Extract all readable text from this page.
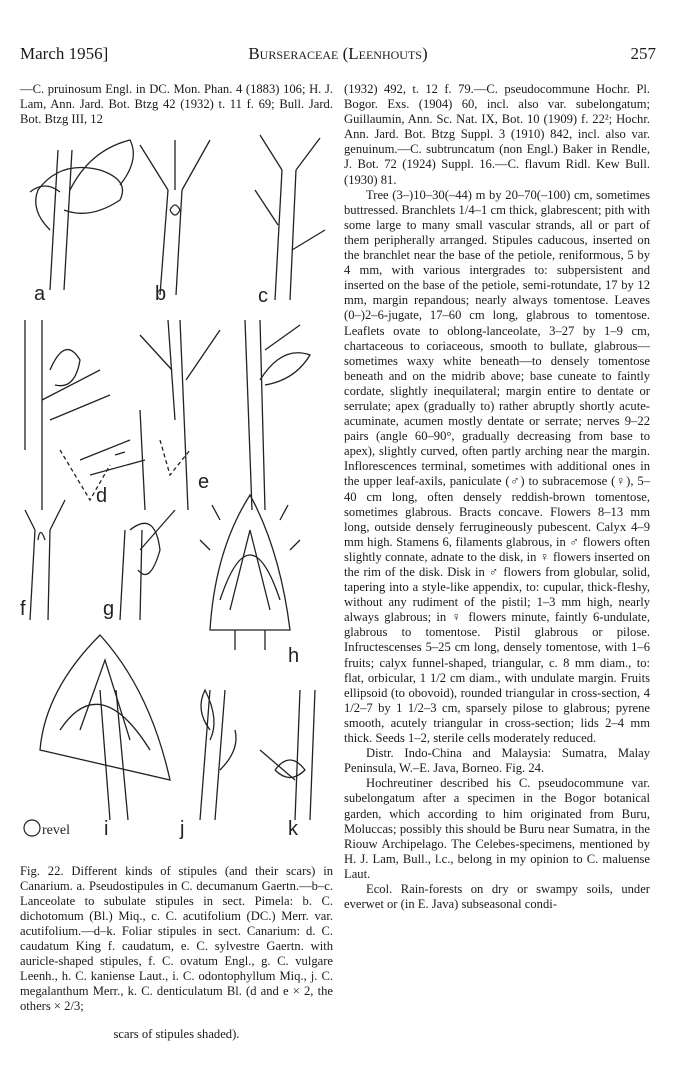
March 1956]	Burseraceae (Leenhouts)	257

—C. pruinosum Engl. in DC. Mon. Phan. 4 (1883) 106; H. J. Lam, Ann. Jard. Bot. Btzg 42 (1932) t. 11 f. 69; Bull. Jard. Bot. Btzg III, 12

a	b	c
d
e
f	g
h
i	j	k
revel

Fig. 22. Different kinds of stipules (and their scars) in Canarium. a. Pseudostipules in C. decumanum Gaertn.—b–c. Lanceolate to subulate stipules in sect. Pimela: b. C. dichotomum (Bl.) Miq., c. C. acutifolium (DC.) Merr. var. acutifolium.—d–k. Foliar stipules in sect. Canarium: d. C. caudatum King f. caudatum, e. C. sylvestre Gaertn. with auricle-shaped stipules, f. C. ovatum Engl., g. C. vulgare Leenh., h. C. kaniense Laut., i. C. odontophyllum Miq., j. C. megalanthum Merr., k. C. denticulatum Bl. (d and e × 2, the others × 2/3;

scars of stipules shaded).

(1932) 492, t. 12 f. 79.—C. pseudocommune Hochr. Pl. Bogor. Exs. (1904) 60, incl. also var. subelongatum; Guillaumin, Ann. Sc. Nat. IX, Bot. 10 (1909) f. 22²; Hochr. Ann. Jard. Bot. Btzg Suppl. 3 (1910) 842, incl. also var. genuinum.—C. subtruncatum (non Engl.) Baker in Rendle, J. Bot. 72 (1924) Suppl. 16.—C. flavum Ridl. Kew Bull. (1930) 81.

Tree (3–)10–30(–44) m by 20–70(–100) cm, sometimes buttressed. Branchlets 1/4–1 cm thick, glabrescent; pith with some large to many small vascular strands, all or part of them peripherally arranged. Stipules caducous, inserted on the branchlet near the base of the petiole, reniformous, 5 by 4 mm, with various intergrades to: subpersistent and inserted on the base of the petiole, semi-rotundate, 17 by 12 mm, margin repandous; nearly always tomentose. Leaves (0–)2–6-jugate, 17–60 cm long, glabrous to tomentose. Leaflets ovate to oblong-lanceolate, 3–27 by 1–9 cm, chartaceous to coriaceous, smooth to bullate, glabrous—sometimes waxy white beneath—to densely tomentose beneath and on the midrib above; base cuneate to faintly cordate, slightly inequilateral; margin entire to dentate or serrulate; apex (gradually to) rather abruptly shortly acute-acuminate, acumen mostly dentate or serrate; nerves 9–22 pairs (angle 60–90°, gradually decreasing from base to apex), slightly curved, often partly arching near the margin. Inflorescences terminal, sometimes with additional ones in the upper leaf-axils, paniculate (♂) to subracemose (♀), 5–40 cm long, often densely reddish-brown tomentose, sometimes glabrous. Bracts concave. Flowers 8–13 mm long, outside densely ferrugineously pubescent. Calyx 4–9 mm high. Stamens 6, filaments glabrous, in ♂ flowers often slightly connate, adnate to the disk, in ♀ flowers inserted on the rim of the disk. Disk in ♂ flowers from globular, solid, tapering into a style-like appendix, to: cupular, thick-fleshy, without any rudiment of the pistil; 1–3 mm high, nearly always glabrous; in ♀ flowers minute, faintly 6-undulate, glabrous to tomentose. Pistil glabrous or pilose. Infructescenses 5–25 cm long, densely tomentose, with 1–6 fruits; calyx funnel-shaped, triangular, c. 8 mm diam., to: flat, orbicular, 1 1/2 cm diam., with undulate margin. Fruits ellipsoid (to obovoid), rounded triangular in cross-section, 4 1/2–7 by 1 1/2–3 cm, sparsely pilose to glabrous; pyrene smooth, acutely triangular in cross-section; lids 2–4 mm thick. Seeds 1–2, sterile cells moderately reduced.

Distr. Indo-China and Malaysia: Sumatra, Malay Peninsula, W.–E. Java, Borneo. Fig. 24.

Hochreutiner described his C. pseudocommune var. subelongatum after a specimen in the Bogor botanical garden, which according to him originated from Buru, Moluccas; possibly this should be Buru near Sumatra, in the Riouw Archipelago. The Celebes-specimens, mentioned by H. J. Lam, Bull., l.c., belong in my opinion to C. maluense Laut.

Ecol. Rain-forests on dry or swampy soils, under everwet or (in E. Java) subseasonal condi-
